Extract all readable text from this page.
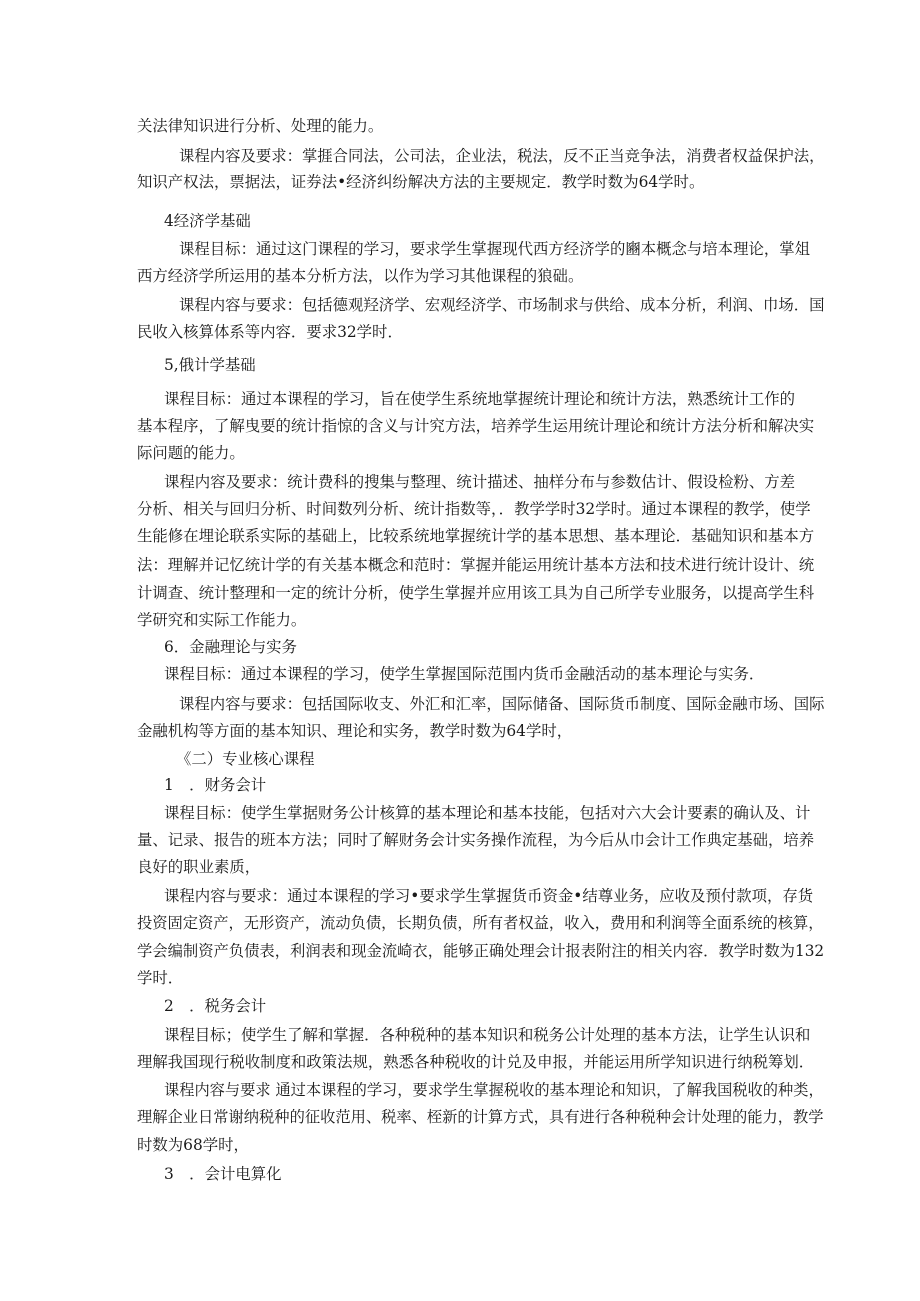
关法律知识进行分析、处理的能力。
课程内容及要求：掌捱合同法，公司法，企业法，税法，反不正当竞争法，消费者权益保护法，
知识产权法，票据法，证券法•经济纠纷解决方法的主要规定．教学时数为64学时。
4经济学基础
课程目标：通过这门课程的学习，要求学生掌握现代西方经济学的豳本概念与培本理论，掌俎
西方经济学所运用的基本分析方法，以作为学习其他课程的狼础。
课程内容与要求：包括德观羟济学、宏观经济学、市场制求与供给、成本分析，利润、巾场．国
民收入核算体系等内容．要求32学时．
5,俄计学基础
课程目标：通过本课程的学习，旨在使学生系统地掌握统计理论和统计方法，熟悉统计工作的
基本程序，了解曳要的统计指惊的含义与计究方法，培养学生运用统计理论和统计方法分析和解决实
际问题的能力。
课程内容及要求：统计费科的搜集与整理、统计描述、抽样分布与参数估计、假设检粉、方差
分析、相关与回归分析、时间数列分析、统计指数等，．教学学时32学时。通过本课程的教学，使学
生能修在埋论联系实际的基础上，比较系统地掌握统计学的基本思想、基本理论．基础知识和基本方
法：理解并记忆统计学的有关基本概念和范时：掌握并能运用统计基本方法和技术进行统计设计、统
计调查、统计整理和一定的统计分析，使学生掌握并应用该工具为自己所学专业服务，以提高学生科
学研究和实际工作能力。
6．金融理论与实务
课程目标：通过本课程的学习，使学生掌握国际范围内货币金融活动的基本理论与实务．
课程内容与要求：包括国际收支、外汇和汇率，国际储备、国际货币制度、国际金融市场、国际
金融机构等方面的基本知识、理论和实务，教学时数为64学时，
《二）专业核心课程
1　．财务会计
课程目标：使学生掌据财务公计核算的基本理论和基本技能，包括对六大会计要素的确认及、计
量、记录、报告的班本方法；同时了解财务会计实务操作流程，为今后从巾会计工作典定基础，培养
良好的职业素质，
课程内容与要求：通过本课程的学习•要求学生掌握货币资金•结尊业务，应收及预付款项，存货
投资固定资产，无形资产，流动负债，长期负债，所有者权益，收入，费用和利润等全面系统的核算，
学会编制资产负债表，利润表和现金流崎衣，能够正确处理会计报表附注的相关内容．教学时数为132
学时．
2　．税务会计
课程目标；使学生了解和掌握．各种税种的基本知识和税务公计处理的基本方法，让学生认识和
理解我国现行税收制度和政策法规，熟悉各种税收的计兑及申报，并能运用所学知识进行纳税筹划．
课程内容与要求 通过本课程的学习，要求学生掌握税收的基本理论和知识，了解我国税收的种类，
理解企业日常谢纳税种的征收范用、税率、桎新的计算方式，具有进行各种税种会计处理的能力，教学
时数为68学时，
3　．会计电算化
